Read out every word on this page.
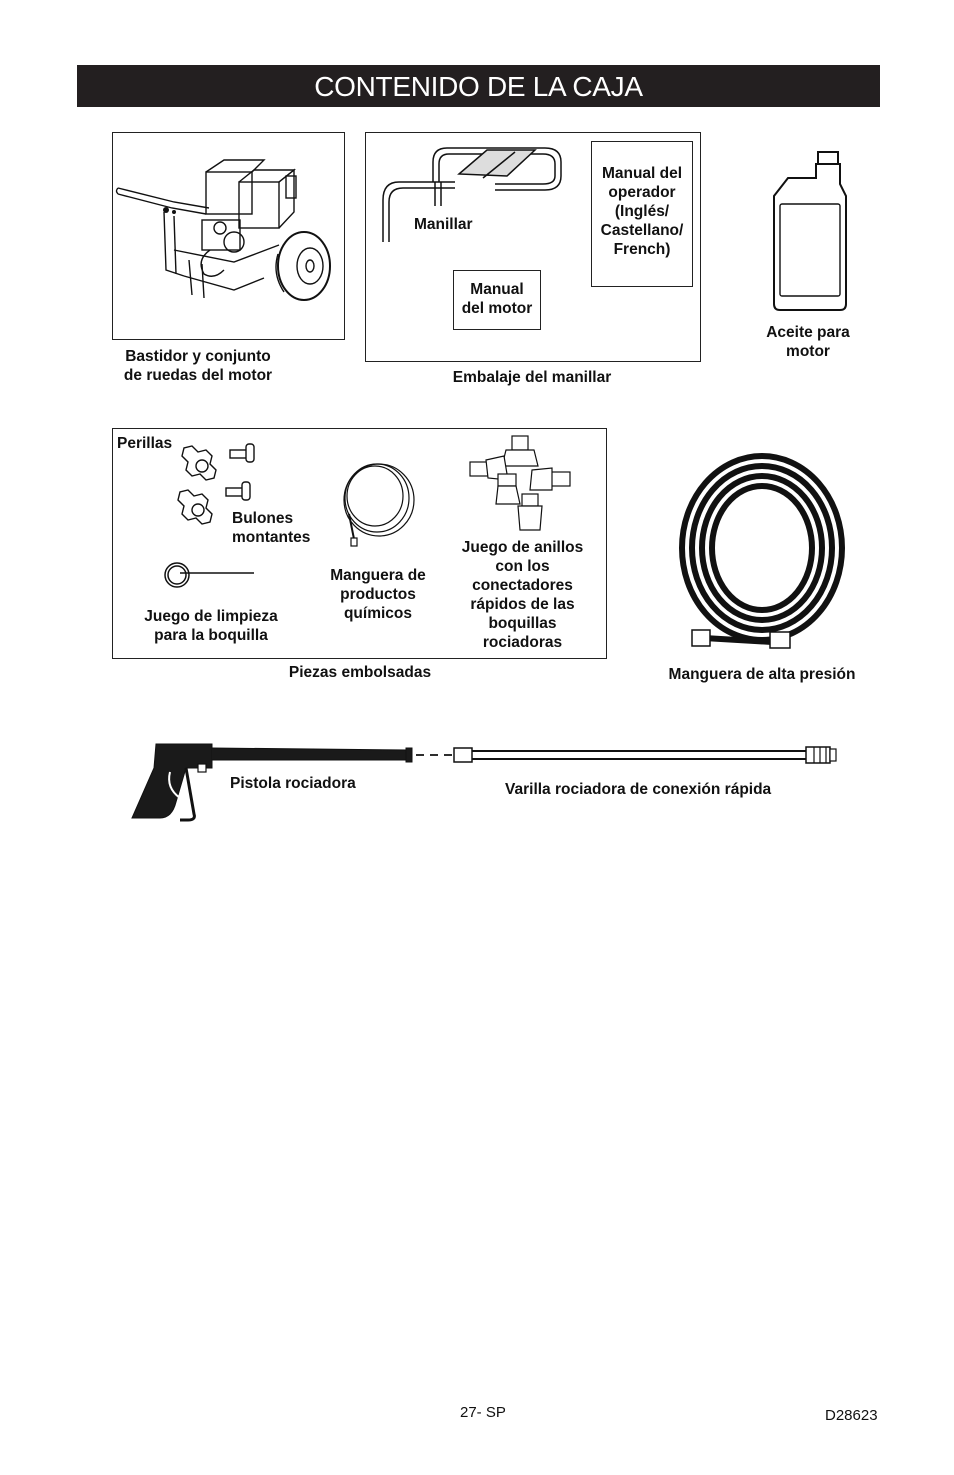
CONTENIDO DE LA CAJA
Bastidor y conjunto
de ruedas del motor
Manillar
Manual del
operador
(Inglés/
Castellano/
French)
Manual
del motor
Embalaje del manillar
Aceite para
motor
Perillas
Bulones
montantes
Juego de limpieza
para la boquilla
Manguera de
productos
químicos
Juego de anillos
con los
conectadores
rápidos de las
boquillas
rociadoras
Piezas embolsadas	Manguera de alta presión
Pistola rociadora	Varilla rociadora de conexión rápida
27- SP	D28623
